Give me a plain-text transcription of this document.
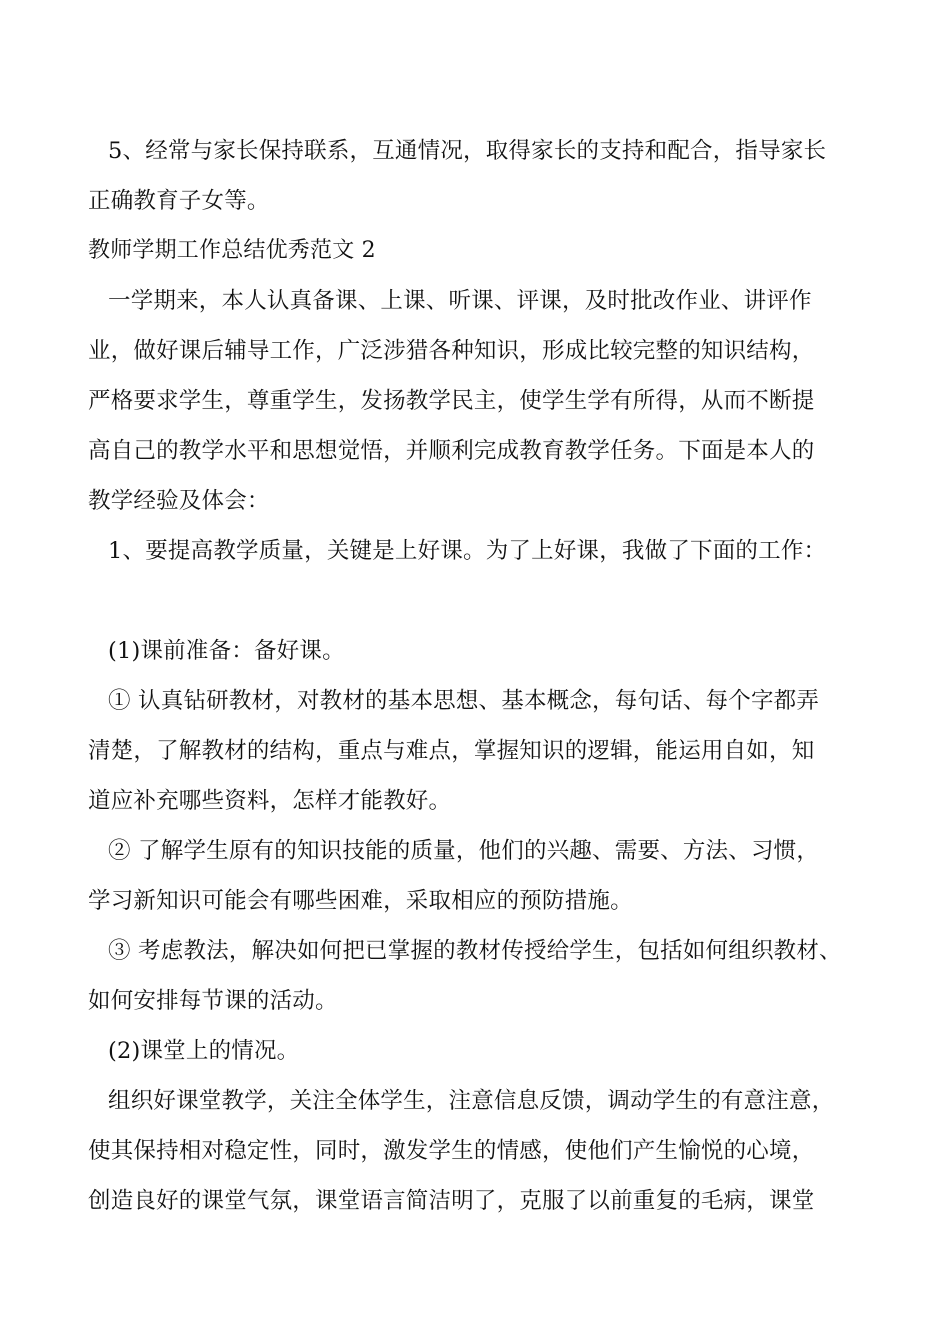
5、经常与家长保持联系，互通情况，取得家长的支持和配合，指导家长
正确教育子女等。
教师学期工作总结优秀范文 2
一学期来，本人认真备课、上课、听课、评课，及时批改作业、讲评作
业，做好课后辅导工作，广泛涉猎各种知识，形成比较完整的知识结构，
严格要求学生，尊重学生，发扬教学民主，使学生学有所得，从而不断提
高自己的教学水平和思想觉悟，并顺利完成教育教学任务。下面是本人的
教学经验及体会：
1、要提高教学质量，关键是上好课。为了上好课，我做了下面的工作：
(1)课前准备：备好课。
① 认真钻研教材，对教材的基本思想、基本概念，每句话、每个字都弄
清楚，了解教材的结构，重点与难点，掌握知识的逻辑，能运用自如，知
道应补充哪些资料，怎样才能教好。
② 了解学生原有的知识技能的质量，他们的兴趣、需要、方法、习惯，
学习新知识可能会有哪些困难，采取相应的预防措施。
③ 考虑教法，解决如何把已掌握的教材传授给学生，包括如何组织教材、
如何安排每节课的活动。
(2)课堂上的情况。
组织好课堂教学，关注全体学生，注意信息反馈，调动学生的有意注意，
使其保持相对稳定性，同时，激发学生的情感，使他们产生愉悦的心境，
创造良好的课堂气氛，课堂语言简洁明了，克服了以前重复的毛病，课堂
